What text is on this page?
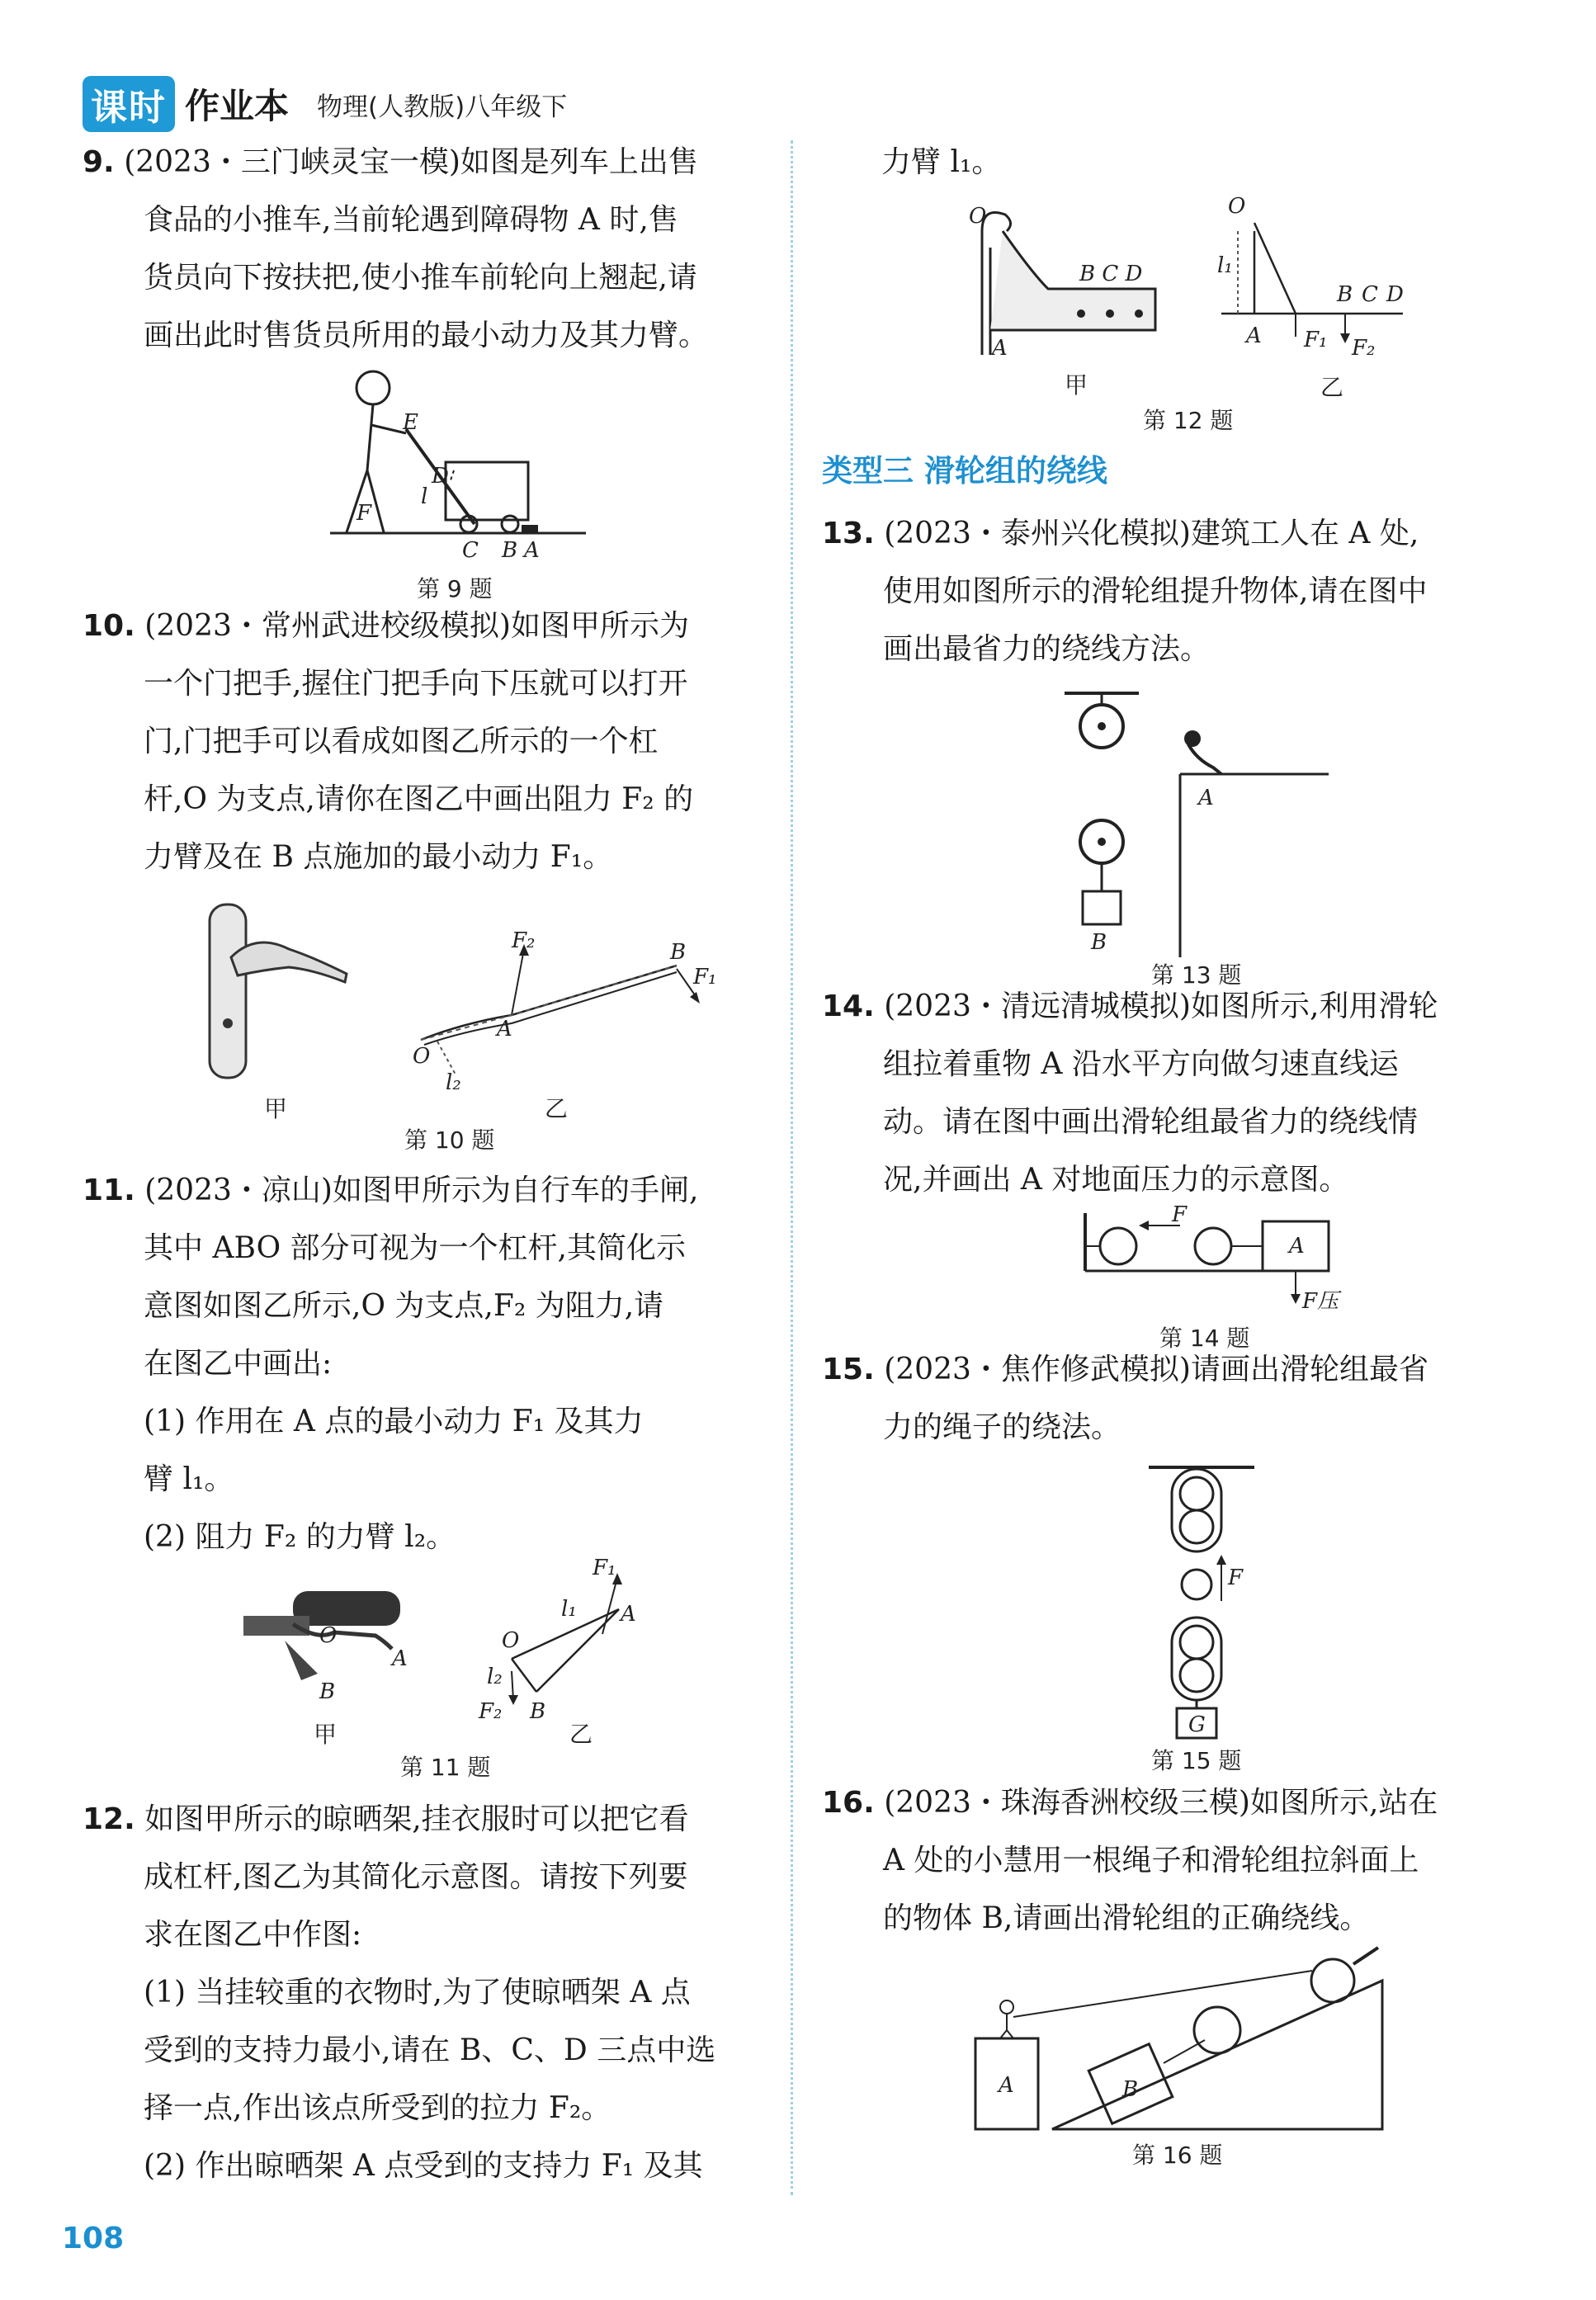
课时 作业本 物理(人教版)八年级下

9. (2023・三门峡灵宝一模)如图是列车上出售

食品的小推车,当前轮遇到障碍物 A 时,售

货员向下按扶把,使小推车前轮向上翘起,请

画出此时售货员所用的最小动力及其力臂。

E
D
F
l
C B A
第 9 题

10. (2023・常州武进校级模拟)如图甲所示为

一个门把手,握住门把手向下压就可以打开

门,门把手可以看成如图乙所示的一个杠

杆,O 为支点,请你在图乙中画出阻力 F₂ 的

力臂及在 B 点施加的最小动力 F₁。

甲
F₂	B
F₁
A
O
l₂
乙
第 10 题

11. (2023・凉山)如图甲所示为自行车的手闸,

其中 ABO 部分可视为一个杠杆,其简化示

意图如图乙所示,O 为支点,F₂ 为阻力,请

在图乙中画出:

(1) 作用在 A 点的最小动力 F₁ 及其力

臂 l₁。

(2) 阻力 F₂ 的力臂 l₂。

O
A
B
甲
F₁
l₁
O
A
l₂
F₂ B
乙
第 11 题

12. 如图甲所示的晾晒架,挂衣服时可以把它看

成杠杆,图乙为其简化示意图。请按下列要

求在图乙中作图:

(1) 当挂较重的衣物时,为了使晾晒架 A 点

受到的支持力最小,请在 B、C、D 三点中选

择一点,作出该点所受到的拉力 F₂。

(2) 作出晾晒架 A 点受到的支持力 F₁ 及其

力臂 l₁。

O
B C D
A
甲
O
l₁
B C D
A F₁ F₂
乙
第 12 题
类型三 滑轮组的绕线

13. (2023・泰州兴化模拟)建筑工人在 A 处,

使用如图所示的滑轮组提升物体,请在图中

画出最省力的绕线方法。

A
B
第 13 题

14. (2023・清远清城模拟)如图所示,利用滑轮

组拉着重物 A 沿水平方向做匀速直线运

动。请在图中画出滑轮组最省力的绕线情

况,并画出 A 对地面压力的示意图。

F
A
F压
第 14 题

15. (2023・焦作修武模拟)请画出滑轮组最省

力的绳子的绕法。

F
G
第 15 题

16. (2023・珠海香洲校级三模)如图所示,站在

A 处的小慧用一根绳子和滑轮组拉斜面上

的物体 B,请画出滑轮组的正确绕线。

A	B
第 16 题
108
